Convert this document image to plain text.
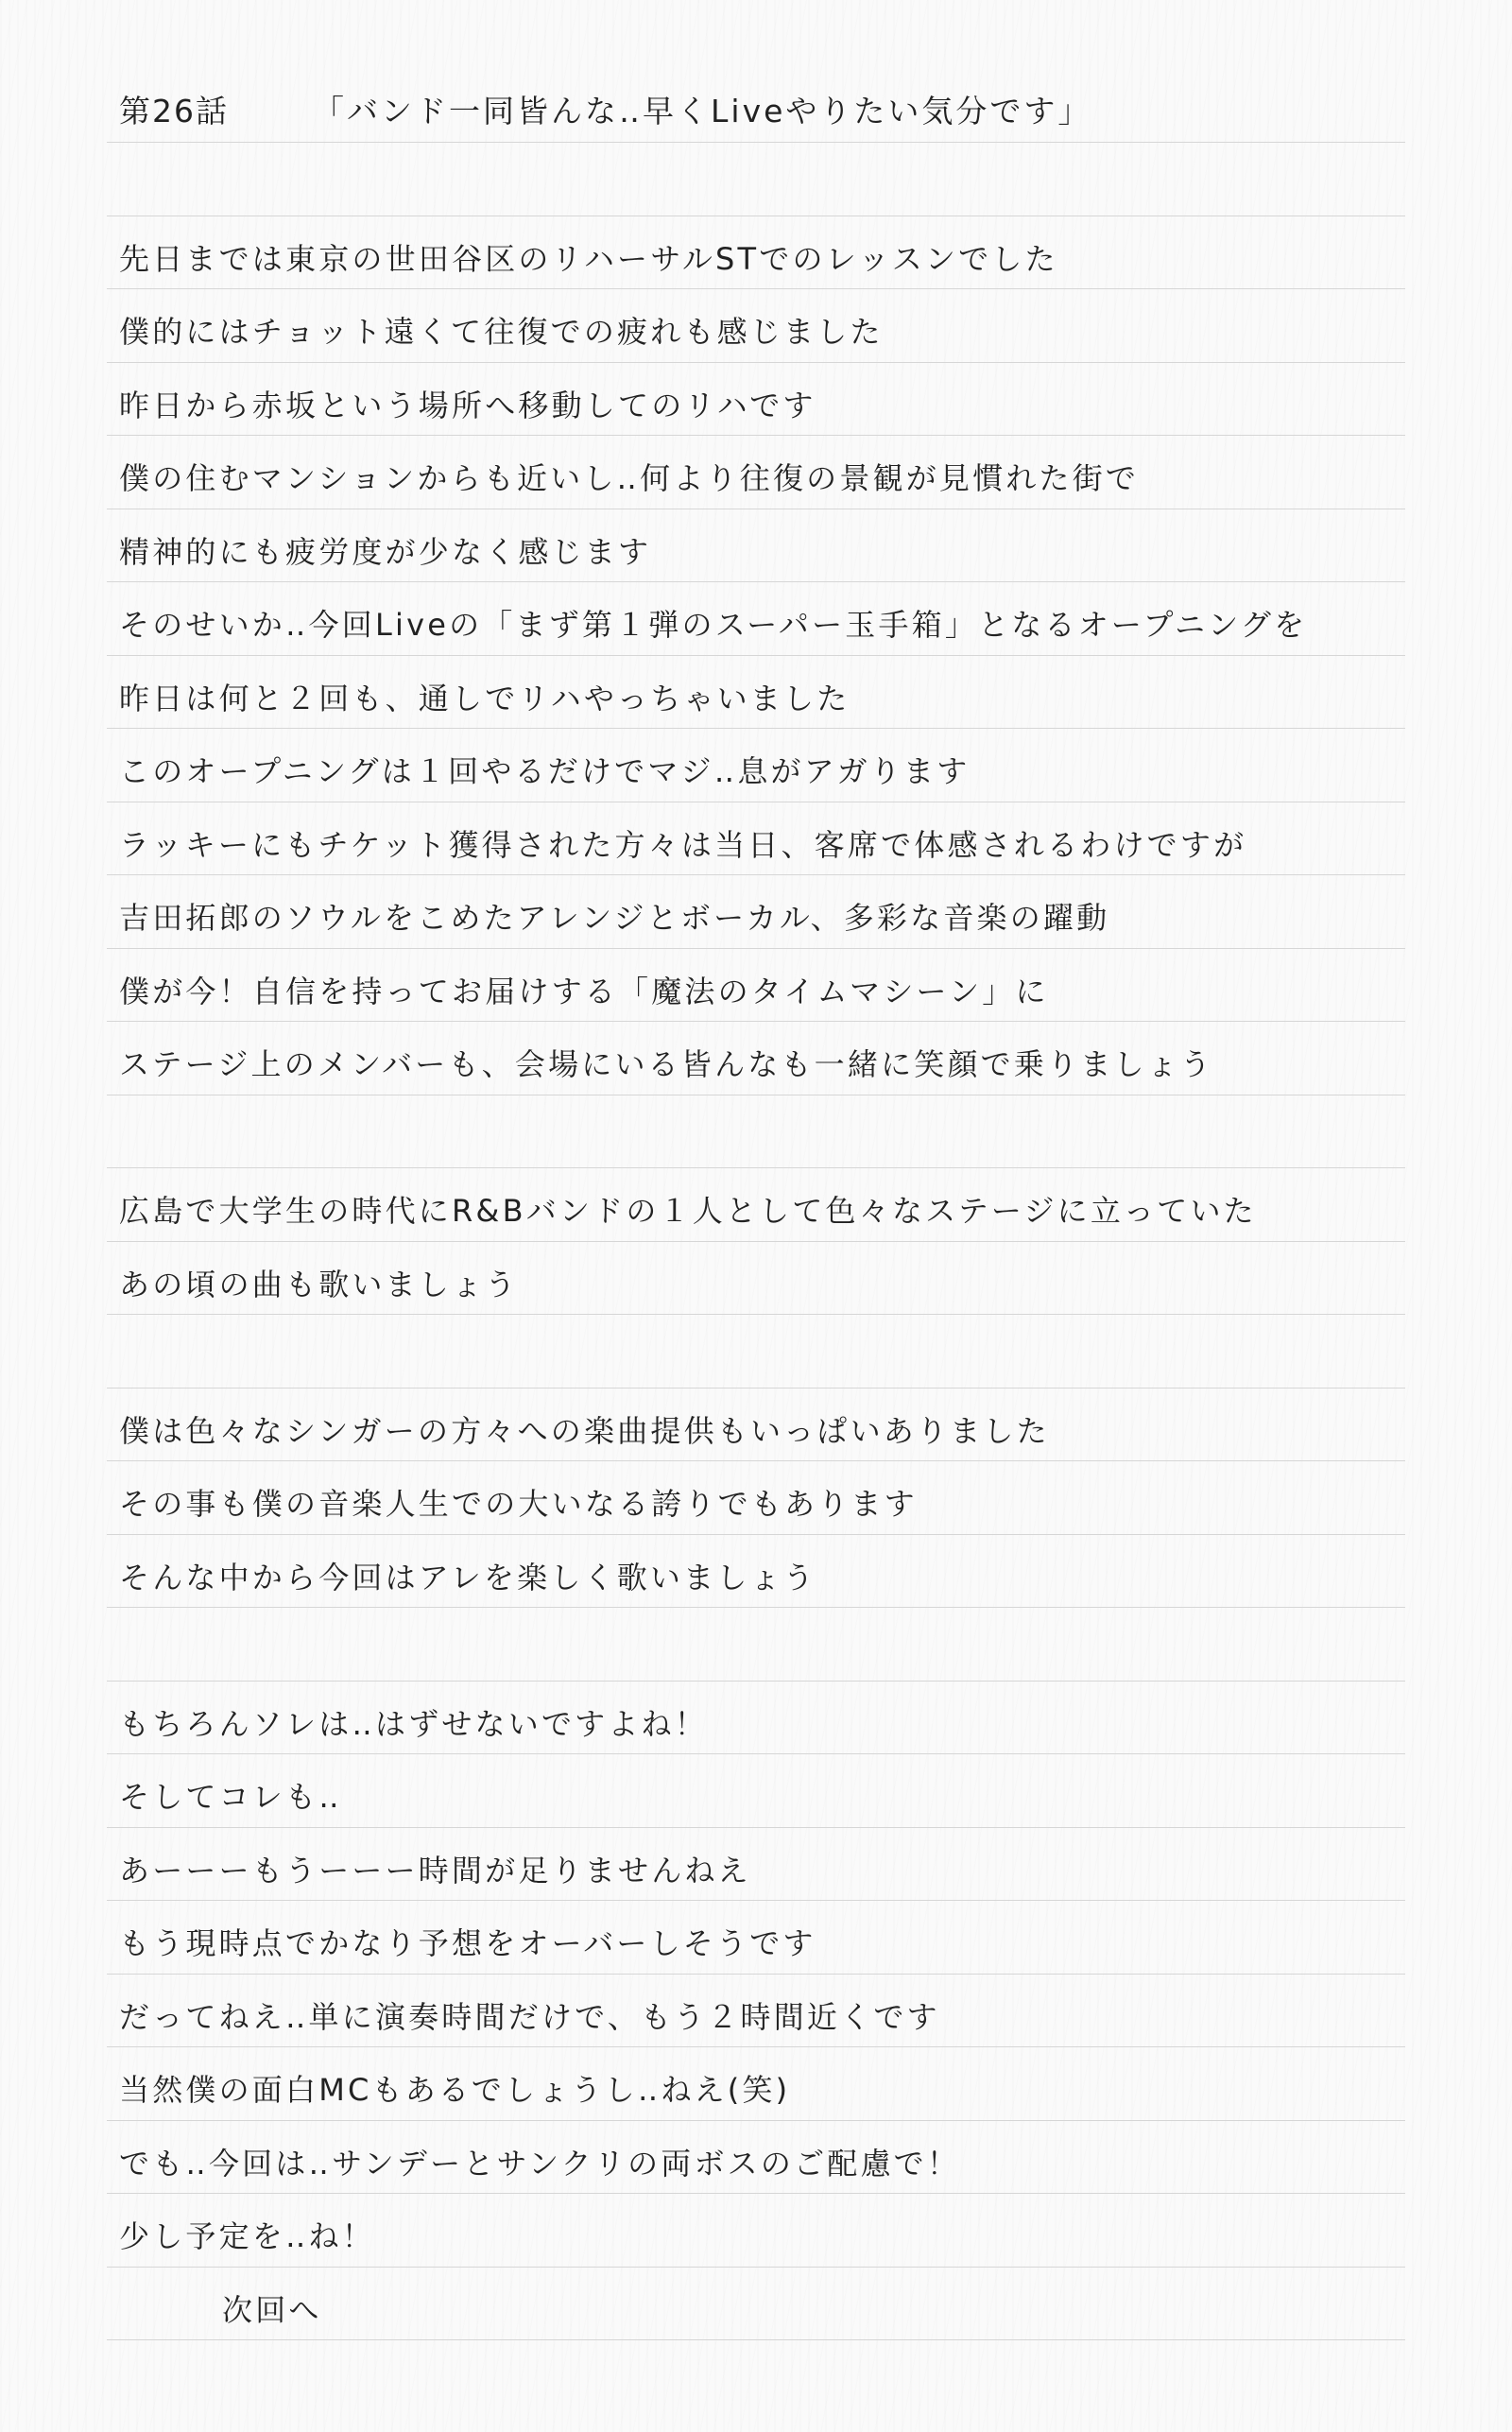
第26話	「バンド一同皆んな‥早くLiveやりたい気分です」
先日までは東京の世田谷区のリハーサルSTでのレッスンでした
僕的にはチョット遠くて往復での疲れも感じました
昨日から赤坂という場所へ移動してのリハです
僕の住むマンションからも近いし‥何より往復の景観が見慣れた街で
精神的にも疲労度が少なく感じます
そのせいか‥今回Liveの「まず第１弾のスーパー玉手箱」となるオープニングを
昨日は何と２回も、通しでリハやっちゃいました
このオープニングは１回やるだけでマジ‥息がアガります
ラッキーにもチケット獲得された方々は当日、客席で体感されるわけですが
吉田拓郎のソウルをこめたアレンジとボーカル、多彩な音楽の躍動
僕が今！自信を持ってお届けする「魔法のタイムマシーン」に
ステージ上のメンバーも、会場にいる皆んなも一緒に笑顔で乗りましょう
広島で大学生の時代にR&Bバンドの１人として色々なステージに立っていた
あの頃の曲も歌いましょう
僕は色々なシンガーの方々への楽曲提供もいっぱいありました
その事も僕の音楽人生での大いなる誇りでもあります
そんな中から今回はアレを楽しく歌いましょう
もちろんソレは‥はずせないですよね！
そしてコレも‥
あーーーもうーーー時間が足りませんねえ
もう現時点でかなり予想をオーバーしそうです
だってねえ‥単に演奏時間だけで、もう２時間近くです
当然僕の面白MCもあるでしょうし‥ねえ(笑)
でも‥今回は‥サンデーとサンクリの両ボスのご配慮で！
少し予定を‥ね！
次回へ
